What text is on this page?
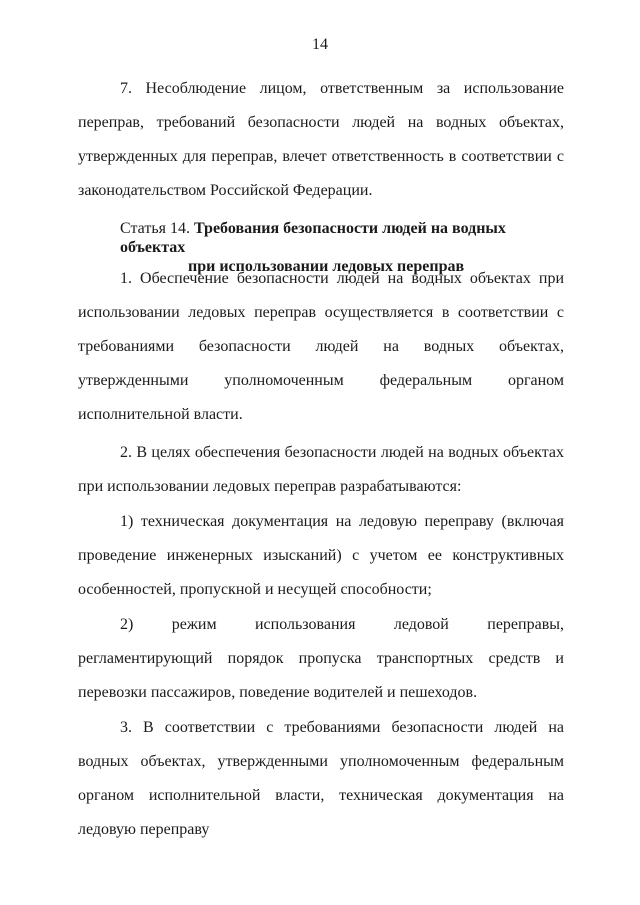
14

7. Несоблюдение лицом, ответственным за использование переправ, требований безопасности людей на водных объектах, утвержденных для переправ, влечет ответственность в соответствии с законодательством Российской Федерации.

Статья 14. Требования безопасности людей на водных объектах
при использовании ледовых переправ

1. Обеспечение безопасности людей на водных объектах при использовании ледовых переправ осуществляется в соответствии с требованиями безопасности людей на водных объектах, утвержденными уполномоченным федеральным органом исполнительной власти.

2. В целях обеспечения безопасности людей на водных объектах при использовании ледовых переправ разрабатываются:

1) техническая документация на ледовую переправу (включая проведение инженерных изысканий) с учетом ее конструктивных особенностей, пропускной и несущей способности;

2) режим использования ледовой переправы, регламентирующий порядок пропуска транспортных средств и перевозки пассажиров, поведение водителей и пешеходов.

3. В соответствии с требованиями безопасности людей на водных объектах, утвержденными уполномоченным федеральным органом исполнительной власти, техническая документация на ледовую переправу
